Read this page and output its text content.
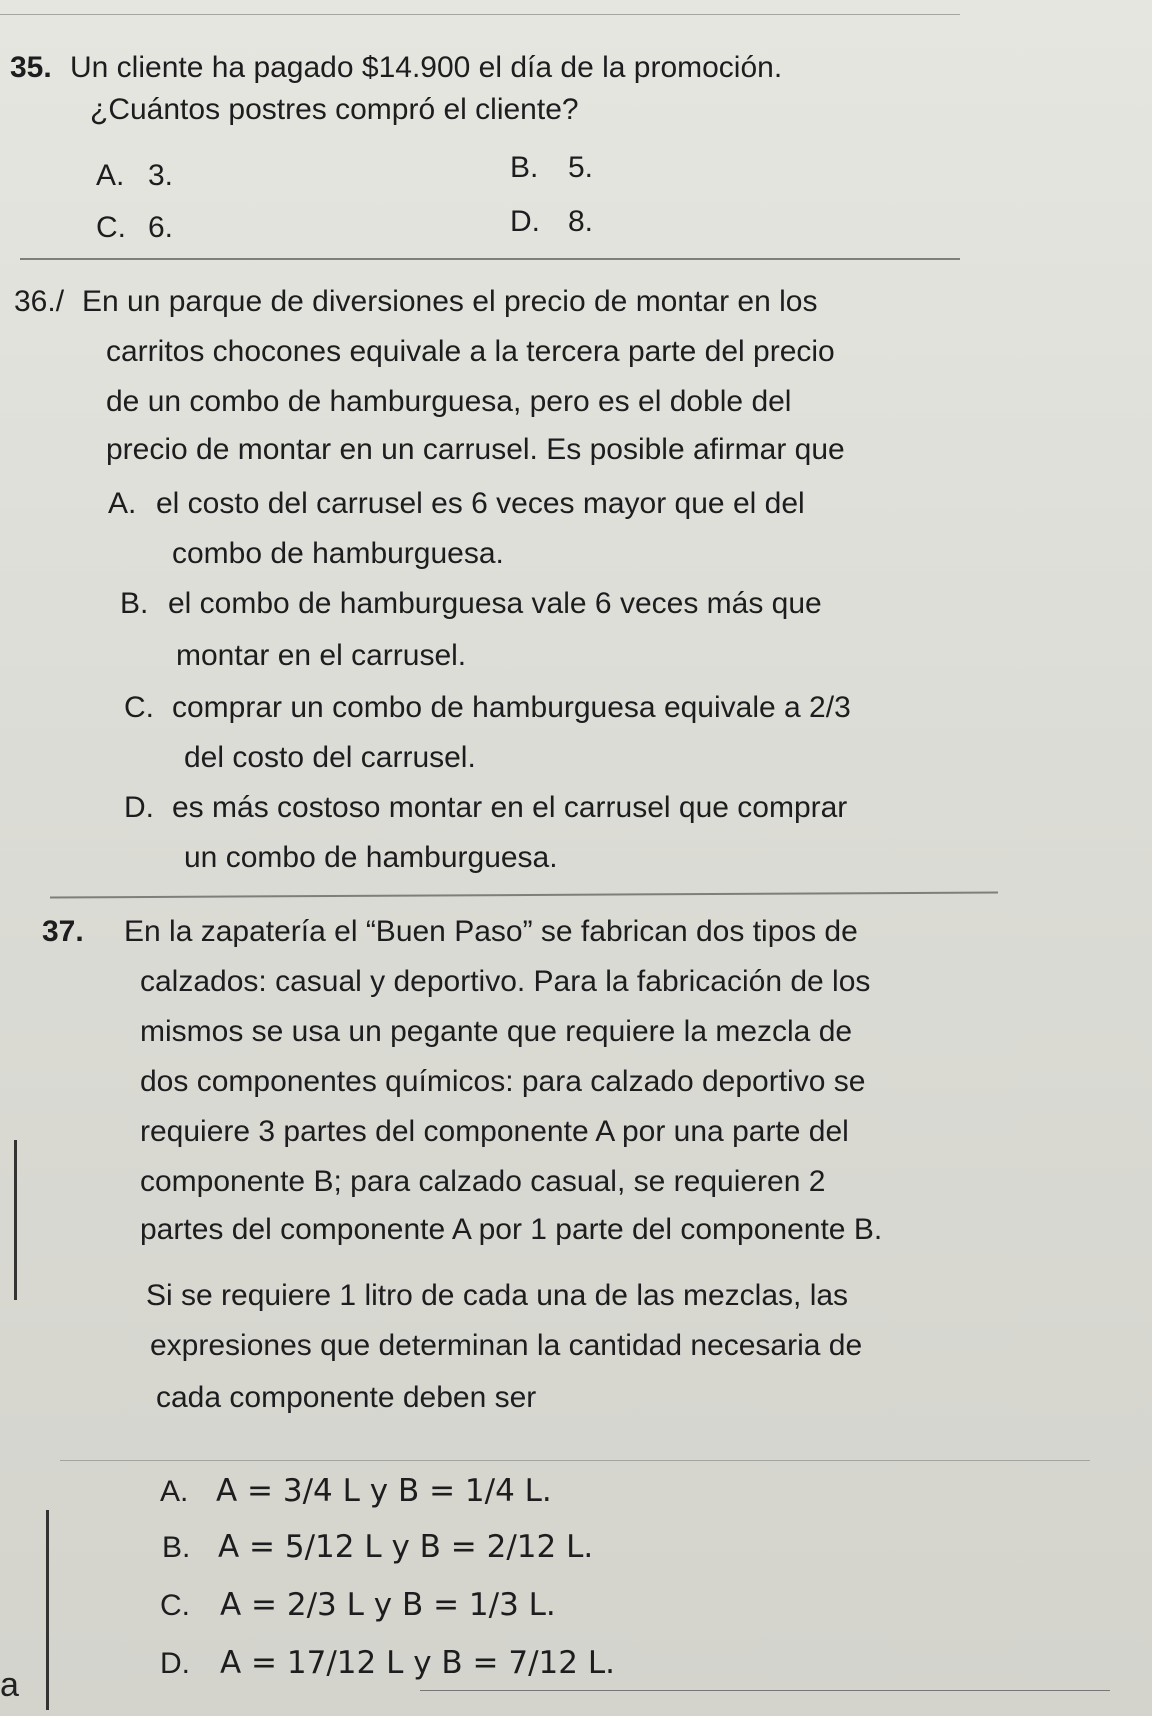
35. Un cliente ha pagado $14.900 el día de la promoción.
¿Cuántos postres compró el cliente?
A. 3.	B. 5.
C. 6.	D. 8.
36./ En un parque de diversiones el precio de montar en los
carritos chocones equivale a la tercera parte del precio
de un combo de hamburguesa, pero es el doble del
precio de montar en un carrusel. Es posible afirmar que
A. el costo del carrusel es 6 veces mayor que el del
combo de hamburguesa.
B. el combo de hamburguesa vale 6 veces más que
montar en el carrusel.
C. comprar un combo de hamburguesa equivale a 2/3
del costo del carrusel.
D. es más costoso montar en el carrusel que comprar
un combo de hamburguesa.
37. En la zapatería el “Buen Paso” se fabrican dos tipos de
calzados: casual y deportivo. Para la fabricación de los
mismos se usa un pegante que requiere la mezcla de
dos componentes químicos: para calzado deportivo se
requiere 3 partes del componente A por una parte del
componente B; para calzado casual, se requieren 2
partes del componente A por 1 parte del componente B.
Si se requiere 1 litro de cada una de las mezclas, las
expresiones que determinan la cantidad necesaria de
cada componente deben ser
A. A = 3/4 L y B = 1/4 L.
B. A = 5/12 L y B = 2/12 L.
C. A = 2/3 L y B = 1/3 L.
D. A = 17/12 L y B = 7/12 L.
a
